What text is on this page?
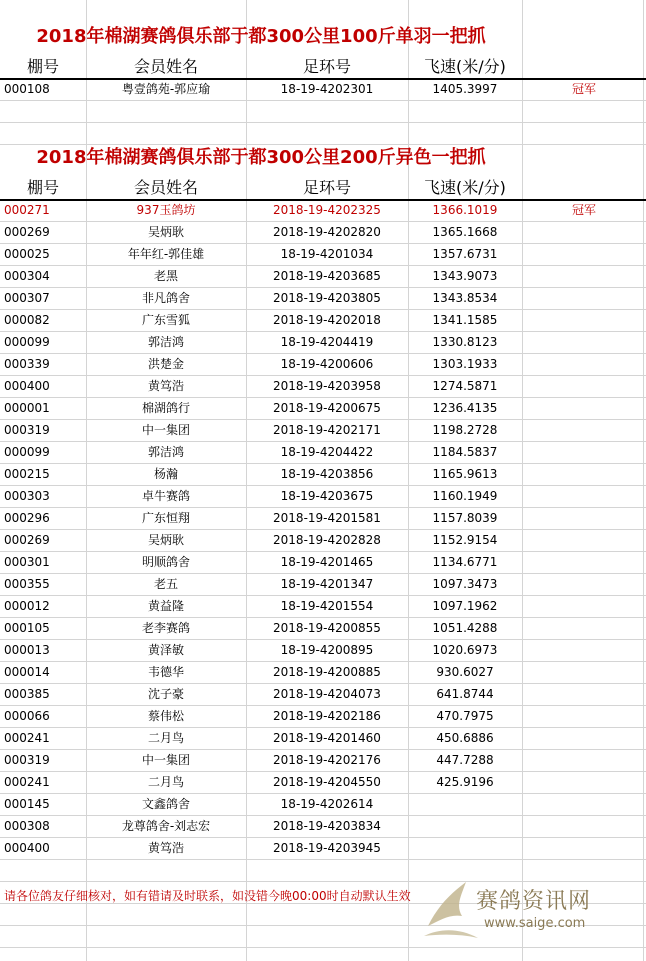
2018年棉湖赛鸽俱乐部于都300公里100斤单羽一把抓
棚号	会员姓名	足环号	飞速(米/分)
000108	粤壹鸽苑-郭应瑜	18-19-4202301	1405.3997	冠军
2018年棉湖赛鸽俱乐部于都300公里200斤异色一把抓
棚号	会员姓名	足环号	飞速(米/分)
000271	937玉鸽坊	2018-19-4202325	1366.1019	冠军
000269	吴炳耿	2018-19-4202820	1365.1668
000025	年年红-郭佳雄	18-19-4201034	1357.6731
000304	老黑	2018-19-4203685	1343.9073
000307	非凡鸽舍	2018-19-4203805	1343.8534
000082	广东雪狐	2018-19-4202018	1341.1585
000099	郭洁鸿	18-19-4204419	1330.8123
000339	洪楚金	18-19-4200606	1303.1933
000400	黄笃浩	2018-19-4203958	1274.5871
000001	棉湖鸽行	2018-19-4200675	1236.4135
000319	中一集团	2018-19-4202171	1198.2728
000099	郭洁鸿	18-19-4204422	1184.5837
000215	杨瀚	18-19-4203856	1165.9613
000303	卓牛赛鸽	18-19-4203675	1160.1949
000296	广东恒翔	2018-19-4201581	1157.8039
000269	吴炳耿	2018-19-4202828	1152.9154
000301	明顺鸽舍	18-19-4201465	1134.6771
000355	老五	18-19-4201347	1097.3473
000012	黄益隆	18-19-4201554	1097.1962
000105	老李赛鸽	2018-19-4200855	1051.4288
000013	黄泽敏	18-19-4200895	1020.6973
000014	韦德华	2018-19-4200885	930.6027
000385	沈子豪	2018-19-4204073	641.8744
000066	蔡伟松	2018-19-4202186	470.7975
000241	二月鸟	2018-19-4201460	450.6886
000319	中一集团	2018-19-4202176	447.7288
000241	二月鸟	2018-19-4204550	425.9196
000145	文鑫鸽舍	18-19-4202614
000308	龙尊鸽舍-刘志宏	2018-19-4203834
000400	黄笃浩	2018-19-4203945
请各位鸽友仔细核对，如有错请及时联系，如没错今晚00:00时自动默认生效	赛鸽资讯网
www.saige.com
